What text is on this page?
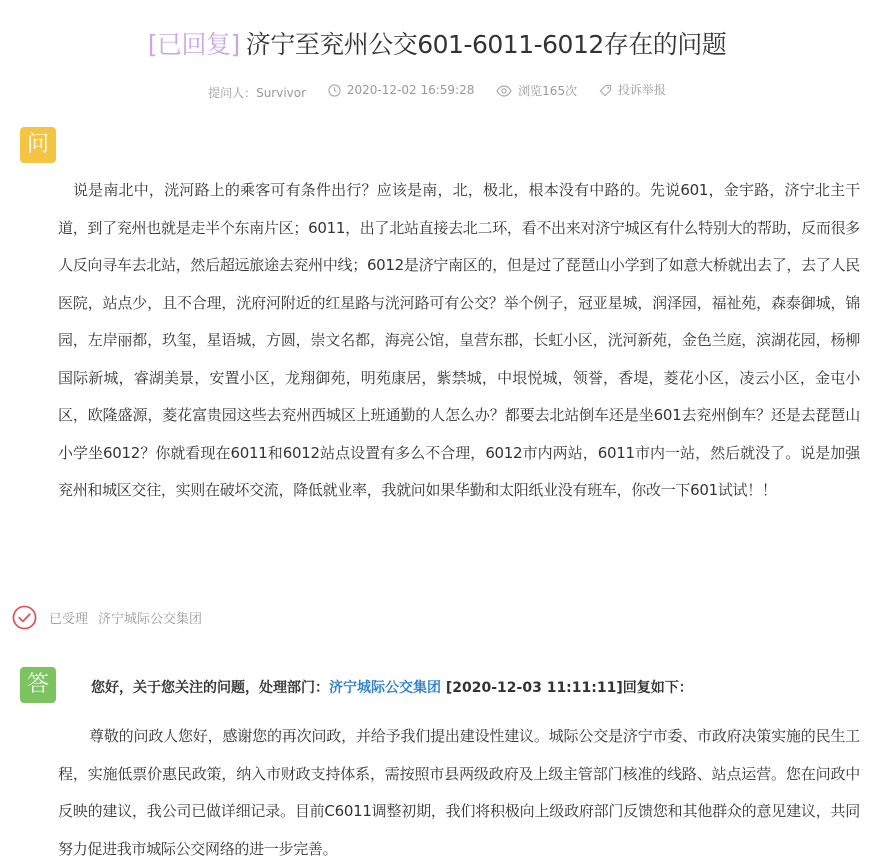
[已回复] 济宁至兖州公交601-6011-6012存在的问题
提问人：Survivor
	2020-12-02 16:59:28
	浏览165次
	投诉举报
问

说是南北中，洸河路上的乘客可有条件出行？应该是南，北，极北，根本没有中路的。先说601，金宇路，济宁北主干道，到了兖州也就是走半个东南片区；6011，出了北站直接去北二环，看不出来对济宁城区有什么特别大的帮助，反而很多人反向寻车去北站，然后超远旅途去兖州中线；6012是济宁南区的，但是过了琵琶山小学到了如意大桥就出去了，去了人民医院，站点少，且不合理，洸府河附近的红星路与洸河路可有公交？举个例子，冠亚星城，润泽园，福祉苑，森泰御城，锦园，左岸丽都，玖玺，星语城，方圆，崇文名都，海亮公馆，皇营东郡，长虹小区，洸河新苑，金色兰庭，滨湖花园，杨柳国际新城，睿湖美景，安置小区，龙翔御苑，明苑康居，紫禁城，中垠悦城，领誉，香堤，菱花小区，凌云小区，金屯小区，欧隆盛源，菱花富贵园这些去兖州西城区上班通勤的人怎么办？都要去北站倒车还是坐601去兖州倒车？还是去琵琶山小学坐6012？你就看现在6011和6012站点设置有多么不合理，6012市内两站，6011市内一站，然后就没了。说是加强兖州和城区交往，实则在破坏交流，降低就业率，我就问如果华勤和太阳纸业没有班车，你改一下601试试！！

已受理 济宁城际公交集团
答	您好，关于您关注的问题，处理部门：济宁城际公交集团 [2020-12-03 11:11:11]回复如下：

尊敬的问政人您好，感谢您的再次问政，并给予我们提出建设性建议。城际公交是济宁市委、市政府决策实施的民生工程，实施低票价惠民政策，纳入市财政支持体系，需按照市县两级政府及上级主管部门核准的线路、站点运营。您在问政中反映的建议，我公司已做详细记录。目前C6011调整初期，我们将积极向上级政府部门反馈您和其他群众的意见建议，共同努力促进我市城际公交网络的进一步完善。
